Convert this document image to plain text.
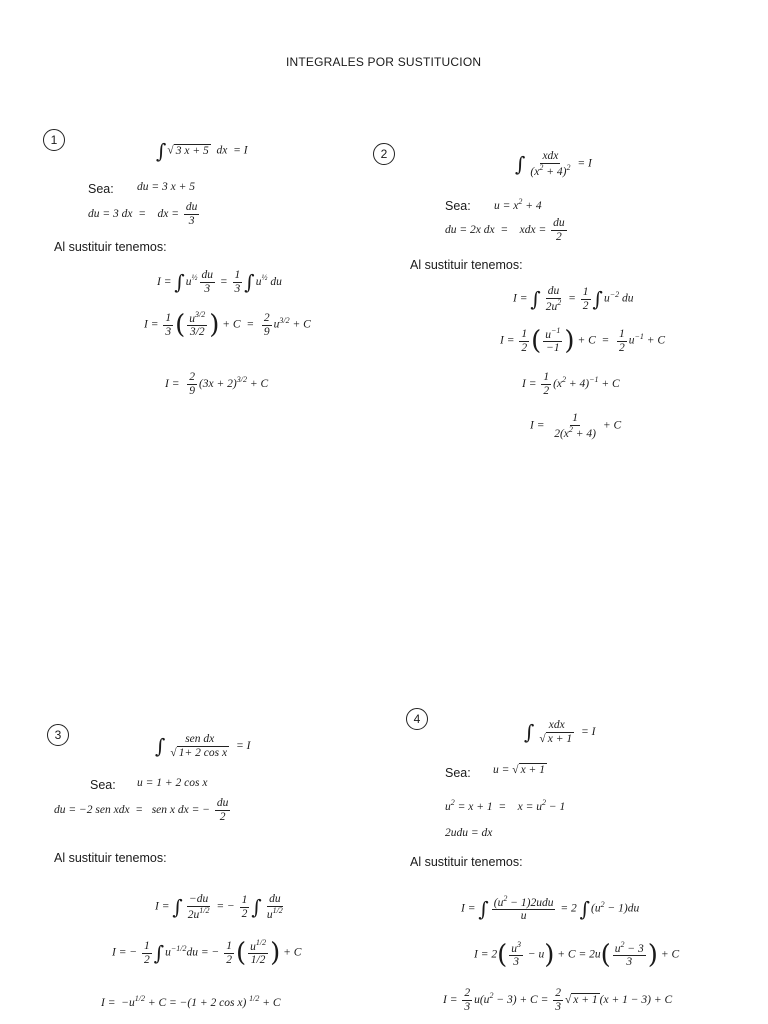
INTEGRALES POR SUSTITUCION
1	∫√ 3 x + 5  dx  = I
Sea: du = 3 x + 5
du = 3 dx  =    dx = $\frac{du}{3}$
Al sustituir tenemos:
$I = \int u^{\frac{1}{2}} \frac{du}{3} = \frac{1}{3} \int u^{\frac{1}{2}}$ du
$I = \frac{1}{3}$ ( $\frac{u^{3/2}}{3/2}$ ) + $C = \frac{2}{9} u^{3/2} + C$
$I = \frac{2}{9} (3x + 2)^{3/2} + C$
2	∫ $\frac{\text{xdx}}{(x^2 + 4)^2} = I$
Sea: $u = x^2 + 4$
du = 2x dx  =    xdx = $\frac{du}{2}$
Al sustituir tenemos:
I = ∫ $\frac{du}{2u^2} = \frac{1}{2} \int u^{-2}$ du
$I = \frac{1}{2}$ ( $\frac{u^{-1}}{-1}$ ) + $C = \frac{1}{2} u^{-1} + C$
$I = \frac{1}{2} (x^2 + 4)^{-1} + C$
$I = \frac{1}{2(x^2 + 4)} + C$
3	∫ $\frac{\text{sen dx}}{\text{√ 1+ 2 cos x}} = I$
Sea: u = 1 + 2 cos x
du = −2 sen xdx  =   sen x dx = − $\frac{du}{2}$
Al sustituir tenemos:
I = ∫ $\frac{-du}{2u^{1/2}}$ = − $\frac{1}{2}$ ∫ $\frac{du}{u^{1/2}}$
I = − $\frac{1}{2} \int u^{-1/2}du$ = − $\frac{1}{2}$ ( $\frac{u^{1/2}}{1/2}$ ) + C
$I = -u^{1/2} + C = -(1 + 2$ cos x) $^{1/2}$ + C
4
∫ $\frac{\text{xdx}}{√ x + 1} = I$
Sea: u = √ x + 1
$u^2 = x + 1$  =    $x = u^2 - 1$
2udu = dx
Al sustituir tenemos:
I = ∫ $\frac{(u^2 - 1)2udu}{u} = 2$ $\int(u^2 - 1)du$
$I = 2( \frac{u^3}{3} - u) + C = 2u( \frac{u^2 - 3}{3}$ ) + C
$I = \frac{2}{3} u(u^2 - 3) + C = \frac{2}{3}$ √ x + 1 (x + 1 − 3) + C
